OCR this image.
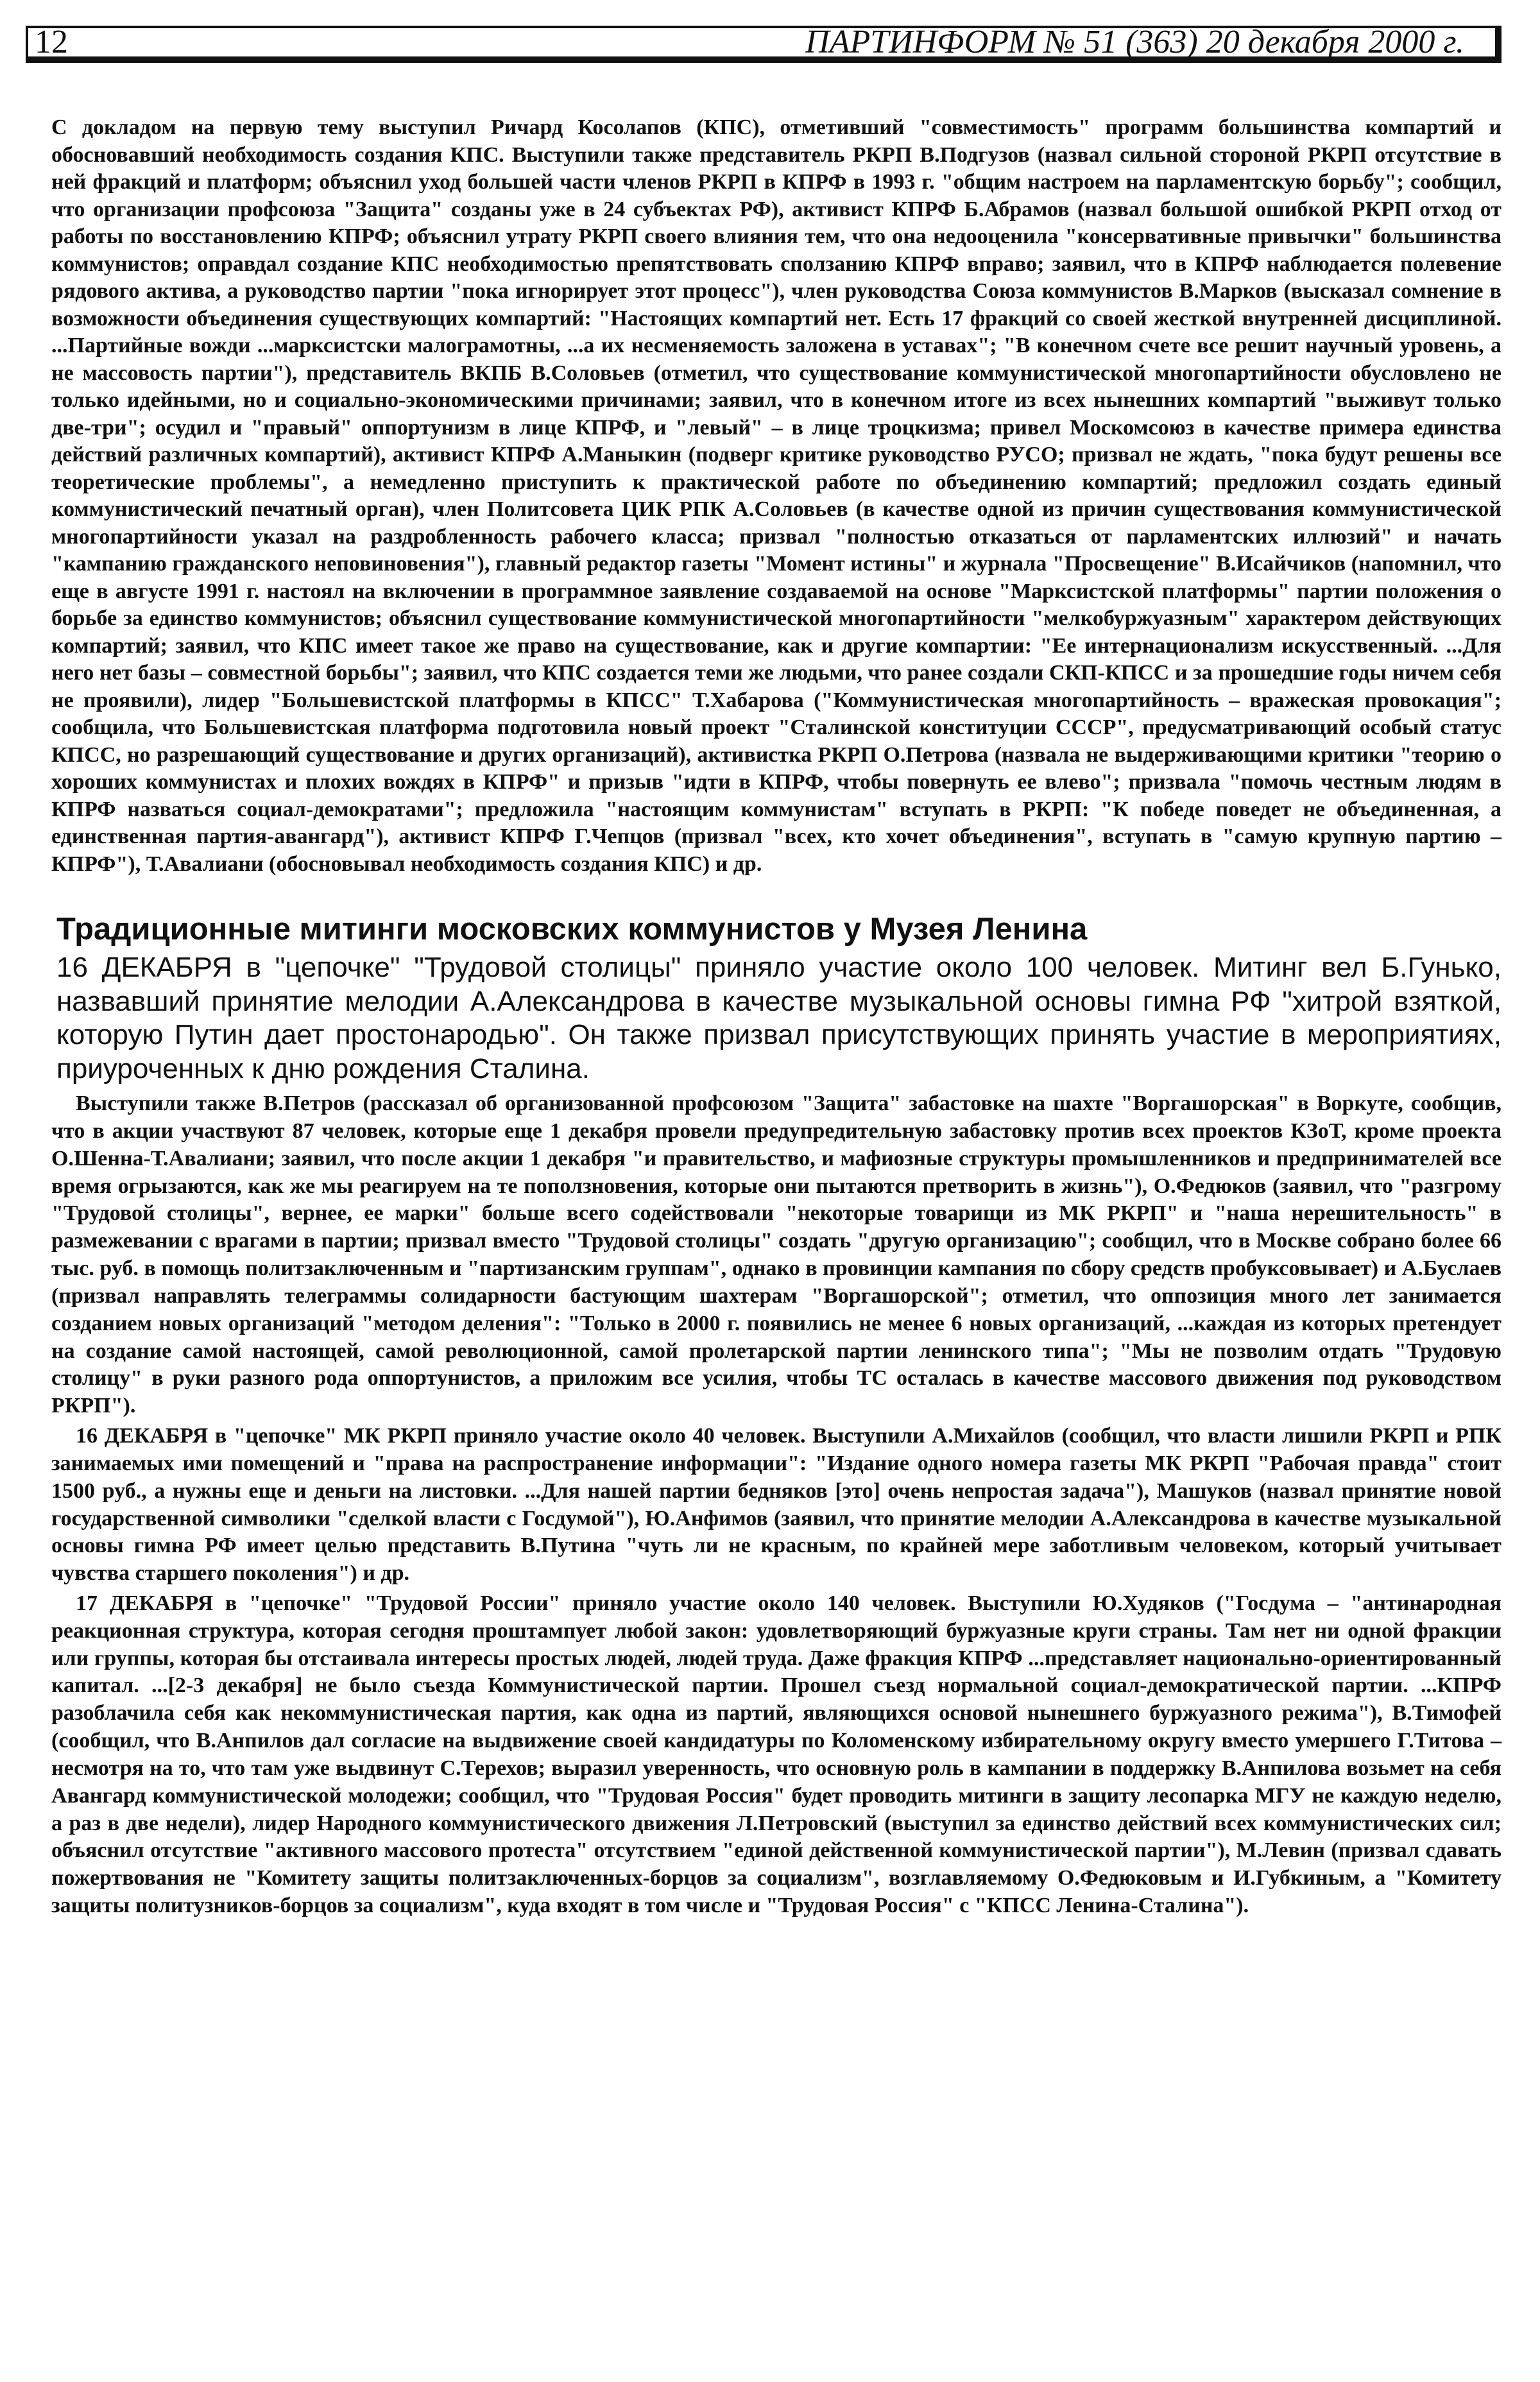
12	ПАРТИНФОРМ № 51 (363) 20 декабря 2000 г.

С докладом на первую тему выступил Ричард Косолапов (КПС), отметивший "совместимость" программ большинства компартий и обосновавший необходимость создания КПС. Выступили также представитель РКРП В.Подгузов (назвал сильной стороной РКРП отсутствие в ней фракций и платформ; объяснил уход большей части членов РКРП в КПРФ в 1993 г. "общим настроем на парламентскую борьбу"; сообщил, что организации профсоюза "Защита" созданы уже в 24 субъектах РФ), активист КПРФ Б.Абрамов (назвал большой ошибкой РКРП отход от работы по восстановлению КПРФ; объяснил утрату РКРП своего влияния тем, что она недооценила "консервативные привычки" большинства коммунистов; оправдал создание КПС необходимостью препятствовать сползанию КПРФ вправо; заявил, что в КПРФ наблюдается полевение рядового актива, а руководство партии "пока игнорирует этот процесс"), член руководства Союза коммунистов В.Марков (высказал сомнение в возможности объединения существующих компартий: "Настоящих компартий нет. Есть 17 фракций со своей жесткой внутренней дисциплиной. ...Партийные вожди ...марксистски малограмотны, ...а их несменяемость заложена в уставах"; "В конечном счете все решит научный уровень, а не массовость партии"), представитель ВКПБ В.Соловьев (отметил, что существование коммунистической многопартийности обусловлено не только идейными, но и социально-экономическими причинами; заявил, что в конечном итоге из всех нынешних компартий "выживут только две-три"; осудил и "правый" оппортунизм в лице КПРФ, и "левый" – в лице троцкизма; привел Москомсоюз в качестве примера единства действий различных компартий), активист КПРФ А.Маныкин (подверг критике руководство РУСО; призвал не ждать, "пока будут решены все теоретические проблемы", а немедленно приступить к практической работе по объединению компартий; предложил создать единый коммунистический печатный орган), член Политсовета ЦИК РПК А.Соловьев (в качестве одной из причин существования коммунистической многопартийности указал на раздробленность рабочего класса; призвал "полностью отказаться от парламентских иллюзий" и начать "кампанию гражданского неповиновения"), главный редактор газеты "Момент истины" и журнала "Просвещение" В.Исайчиков (напомнил, что еще в августе 1991 г. настоял на включении в программное заявление создаваемой на основе "Марксистской платформы" партии положения о борьбе за единство коммунистов; объяснил существование коммунистической многопартийности "мелкобуржуазным" характером действующих компартий; заявил, что КПС имеет такое же право на существование, как и другие компартии: "Ее интернационализм искусственный. ...Для него нет базы – совместной борьбы"; заявил, что КПС создается теми же людьми, что ранее создали СКП-КПСС и за прошедшие годы ничем себя не проявили), лидер "Большевистской платформы в КПСС" Т.Хабарова ("Коммунистическая многопартийность – вражеская провокация"; сообщила, что Большевистская платформа подготовила новый проект "Сталинской конституции СССР", предусматривающий особый статус КПСС, но разрешающий существование и других организаций), активистка РКРП О.Петрова (назвала не выдерживающими критики "теорию о хороших коммунистах и плохих вождях в КПРФ" и призыв "идти в КПРФ, чтобы повернуть ее влево"; призвала "помочь честным людям в КПРФ назваться социал-демократами"; предложила "настоящим коммунистам" вступать в РКРП: "К победе поведет не объединенная, а единственная партия-авангард"), активист КПРФ Г.Чепцов (призвал "всех, кто хочет объединения", вступать в "самую крупную партию – КПРФ"), Т.Авалиани (обосновывал необходимость создания КПС) и др.

Традиционные митинги московских коммунистов у Музея Ленина

16 ДЕКАБРЯ в "цепочке" "Трудовой столицы" приняло участие около 100 человек. Митинг вел Б.Гунько, назвавший принятие мелодии А.Александрова в качестве музыкальной основы гимна РФ "хитрой взяткой, которую Путин дает простонародью". Он также призвал присутствующих принять участие в мероприятиях, приуроченных к дню рождения Сталина.

Выступили также В.Петров (рассказал об организованной профсоюзом "Защита" забастовке на шахте "Воргашорская" в Воркуте, сообщив, что в акции участвуют 87 человек, которые еще 1 декабря провели предупредительную забастовку против всех проектов КЗоТ, кроме проекта О.Шенна-Т.Авалиани; заявил, что после акции 1 декабря "и правительство, и мафиозные структуры промышленников и предпринимателей все время огрызаются, как же мы реагируем на те поползновения, которые они пытаются претворить в жизнь"), О.Федюков (заявил, что "разгрому "Трудовой столицы", вернее, ее марки" больше всего содействовали "некоторые товарищи из МК РКРП" и "наша нерешительность" в размежевании с врагами в партии; призвал вместо "Трудовой столицы" создать "другую организацию"; сообщил, что в Москве собрано более 66 тыс. руб. в помощь политзаключенным и "партизанским группам", однако в провинции кампания по сбору средств пробуксовывает) и А.Буслаев (призвал направлять телеграммы солидарности бастующим шахтерам "Воргашорской"; отметил, что оппозиция много лет занимается созданием новых организаций "методом деления": "Только в 2000 г. появились не менее 6 новых организаций, ...каждая из которых претендует на создание самой настоящей, самой революционной, самой пролетарской партии ленинского типа"; "Мы не позволим отдать "Трудовую столицу" в руки разного рода оппортунистов, а приложим все усилия, чтобы ТС осталась в качестве массового движения под руководством РКРП").

16 ДЕКАБРЯ в "цепочке" МК РКРП приняло участие около 40 человек. Выступили А.Михайлов (сообщил, что власти лишили РКРП и РПК занимаемых ими помещений и "права на распространение информации": "Издание одного номера газеты МК РКРП "Рабочая правда" стоит 1500 руб., а нужны еще и деньги на листовки. ...Для нашей партии бедняков [это] очень непростая задача"), Машуков (назвал принятие новой государственной символики "сделкой власти с Госдумой"), Ю.Анфимов (заявил, что принятие мелодии А.Александрова в качестве музыкальной основы гимна РФ имеет целью представить В.Путина "чуть ли не красным, по крайней мере заботливым человеком, который учитывает чувства старшего поколения") и др.

17 ДЕКАБРЯ в "цепочке" "Трудовой России" приняло участие около 140 человек. Выступили Ю.Худяков ("Госдума – "антинародная реакционная структура, которая сегодня проштампует любой закон: удовлетворяющий буржуазные круги страны. Там нет ни одной фракции или группы, которая бы отстаивала интересы простых людей, людей труда. Даже фракция КПРФ ...представляет национально-ориентированный капитал. ...[2-3 декабря] не было съезда Коммунистической партии. Прошел съезд нормальной социал-демократической партии. ...КПРФ разоблачила себя как некоммунистическая партия, как одна из партий, являющихся основой нынешнего буржуазного режима"), В.Тимофей (сообщил, что В.Анпилов дал согласие на выдвижение своей кандидатуры по Коломенскому избирательному округу вместо умершего Г.Титова – несмотря на то, что там уже выдвинут С.Терехов; выразил уверенность, что основную роль в кампании в поддержку В.Анпилова возьмет на себя Авангард коммунистической молодежи; сообщил, что "Трудовая Россия" будет проводить митинги в защиту лесопарка МГУ не каждую неделю, а раз в две недели), лидер Народного коммунистического движения Л.Петровский (выступил за единство действий всех коммунистических сил; объяснил отсутствие "активного массового протеста" отсутствием "единой действенной коммунистической партии"), М.Левин (призвал сдавать пожертвования не "Комитету защиты политзаключенных-борцов за социализм", возглавляемому О.Федюковым и И.Губкиным, а "Комитету защиты политузников-борцов за социализм", куда входят в том числе и "Трудовая Россия" с "КПСС Ленина-Сталина").
